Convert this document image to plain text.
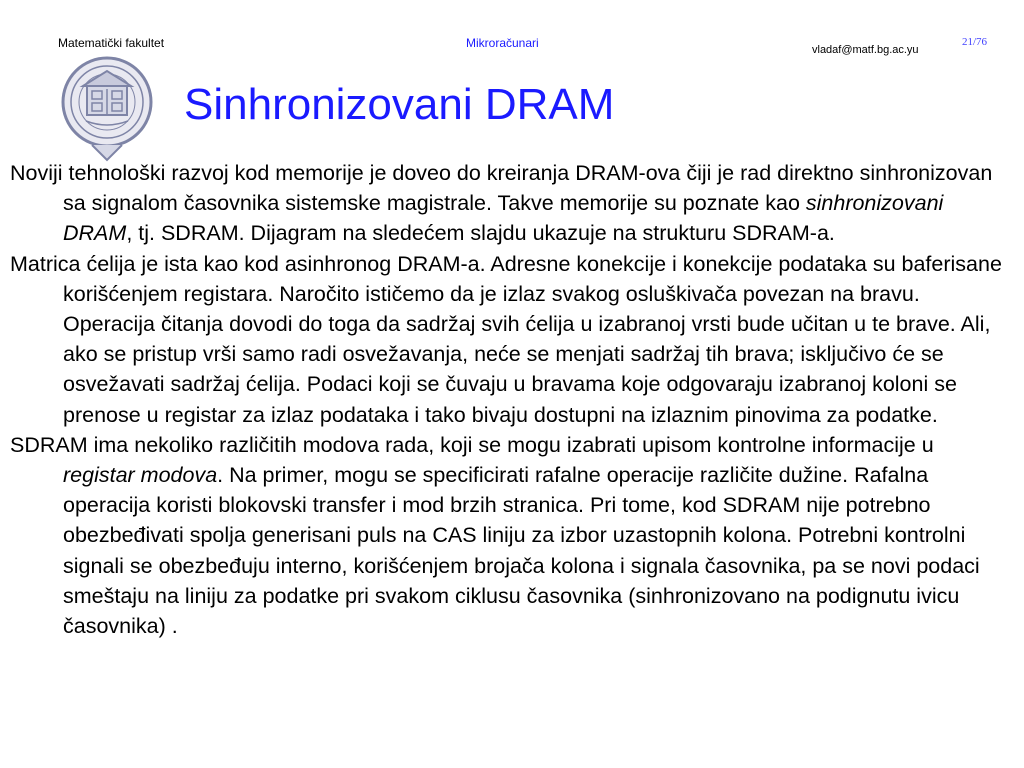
Matematički fakultet	Mikroračunari	vladaf@matf.bg.ac.yu
21/76
Sinhronizovani DRAM

Noviji tehnološki razvoj kod memorije je doveo do kreiranja DRAM-ova čiji je rad direktno sinhronizovan sa signalom časovnika sistemske magistrale. Takve memorije su poznate kao sinhronizovani DRAM, tj. SDRAM. Dijagram na sledećem slajdu ukazuje na strukturu SDRAM-a.

Matrica ćelija je ista kao kod asinhronog DRAM-a. Adresne konekcije i konekcije podataka su baferisane korišćenjem registara. Naročito ističemo da je izlaz svakog osluškivača povezan na bravu. Operacija čitanja dovodi do toga da sadržaj svih ćelija u izabranoj vrsti bude učitan u te brave. Ali, ako se pristup vrši samo radi osvežavanja, neće se menjati sadržaj tih brava; isključivo će se osvežavati sadržaj ćelija. Podaci koji se čuvaju u bravama koje odgovaraju izabranoj koloni se prenose u registar za izlaz podataka i tako bivaju dostupni na izlaznim pinovima za podatke.

SDRAM ima nekoliko različitih modova rada, koji se mogu izabrati upisom kontrolne informacije u registar modova. Na primer, mogu se specificirati rafalne operacije različite dužine. Rafalna operacija koristi blokovski transfer i mod brzih stranica. Pri tome, kod SDRAM nije potrebno obezbeđivati spolja generisani puls na CAS liniju za izbor uzastopnih kolona. Potrebni kontrolni signali se obezbeđuju interno, korišćenjem brojača kolona i signala časovnika, pa se novi podaci smeštaju na liniju za podatke pri svakom ciklusu časovnika (sinhronizovano na podignutu ivicu časovnika) .
